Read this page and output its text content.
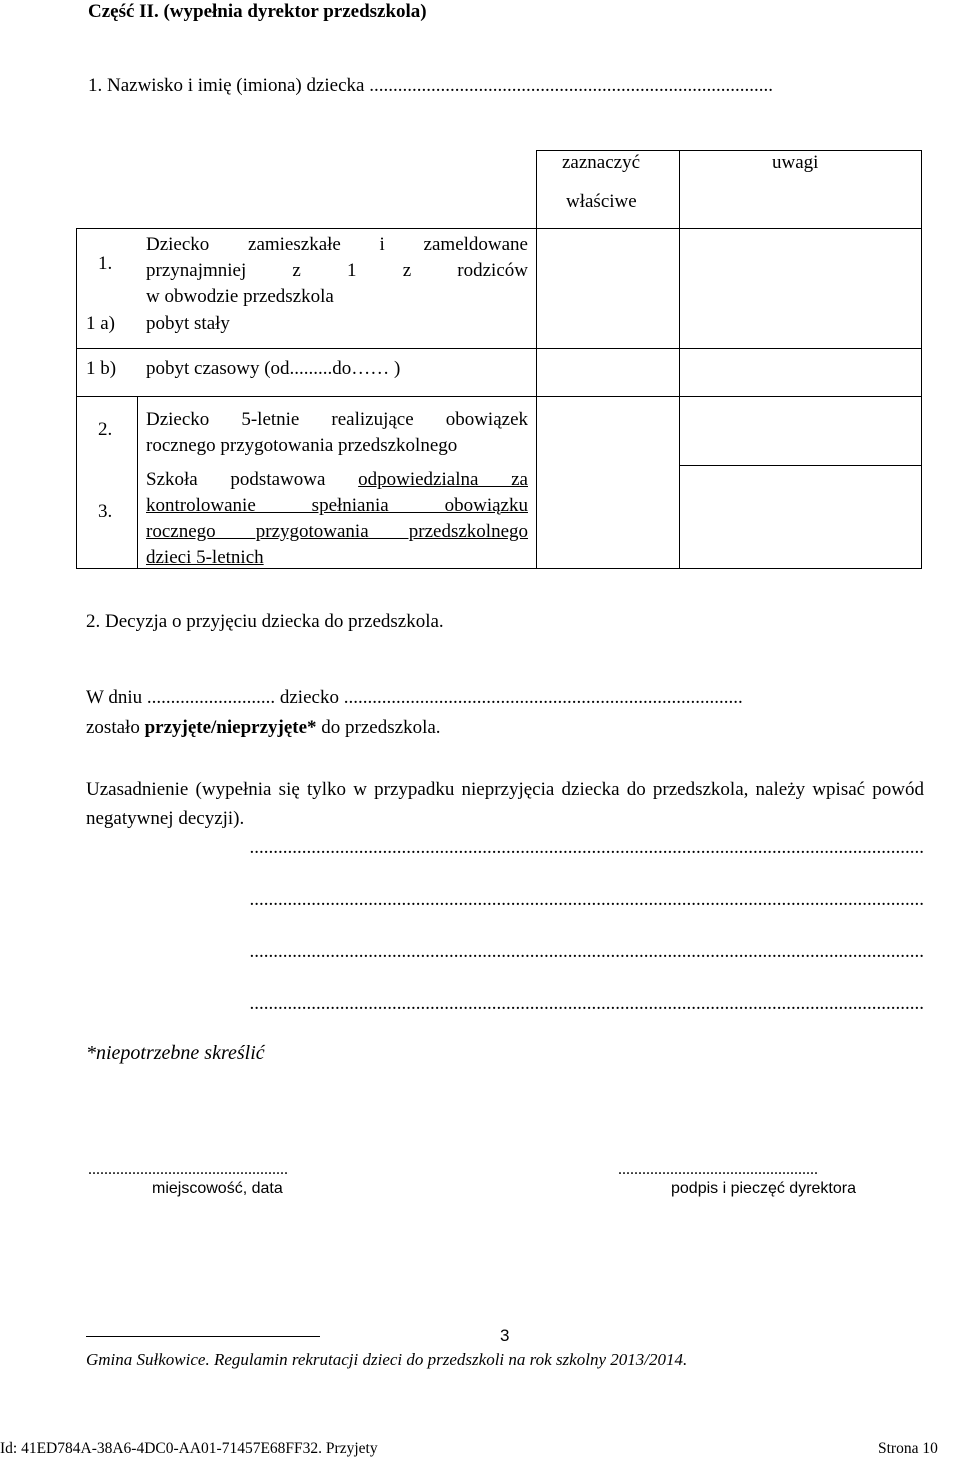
Część II. (wypełnia dyrektor przedszkola)
1. Nazwisko i imię (imiona) dziecka .....................................................................................
zaznaczyć
właściwe
uwagi
1.
Dziecko zamieszkałe i zameldowane
przynajmniej z 1 z rodziców
w obwodzie przedszkola
1 a) pobyt stały
1 b) pobyt czasowy (od.........do…… )
2. Dziecko 5-letnie realizujące obowiązek
rocznego przygotowania przedszkolnego
3.
Szkoła podstawowa odpowiedzialna za
kontrolowanie spełniania obowiązku
rocznego przygotowania przedszkolnego
dzieci 5-letnich
2. Decyzja o przyjęciu dziecka do przedszkola.
W dniu ........................... dziecko ....................................................................................
zostało przyjęte/nieprzyjęte* do przedszkola.
Uzasadnienie (wypełnia się tylko w przypadku nieprzyjęcia dziecka do przedszkola, należy wpisać powód negatywnej decyzji).
..............................................................................................................................................
..............................................................................................................................................
..............................................................................................................................................
..............................................................................................................................................
*niepotrzebne skreślić
..................................................
miejscowość, data
..................................................
podpis i pieczęć dyrektora
3
Gmina Sułkowice. Regulamin rekrutacji dzieci do przedszkoli na rok szkolny 2013/2014.
Id: 41ED784A-38A6-4DC0-AA01-71457E68FF32. Przyjety	Strona 10
